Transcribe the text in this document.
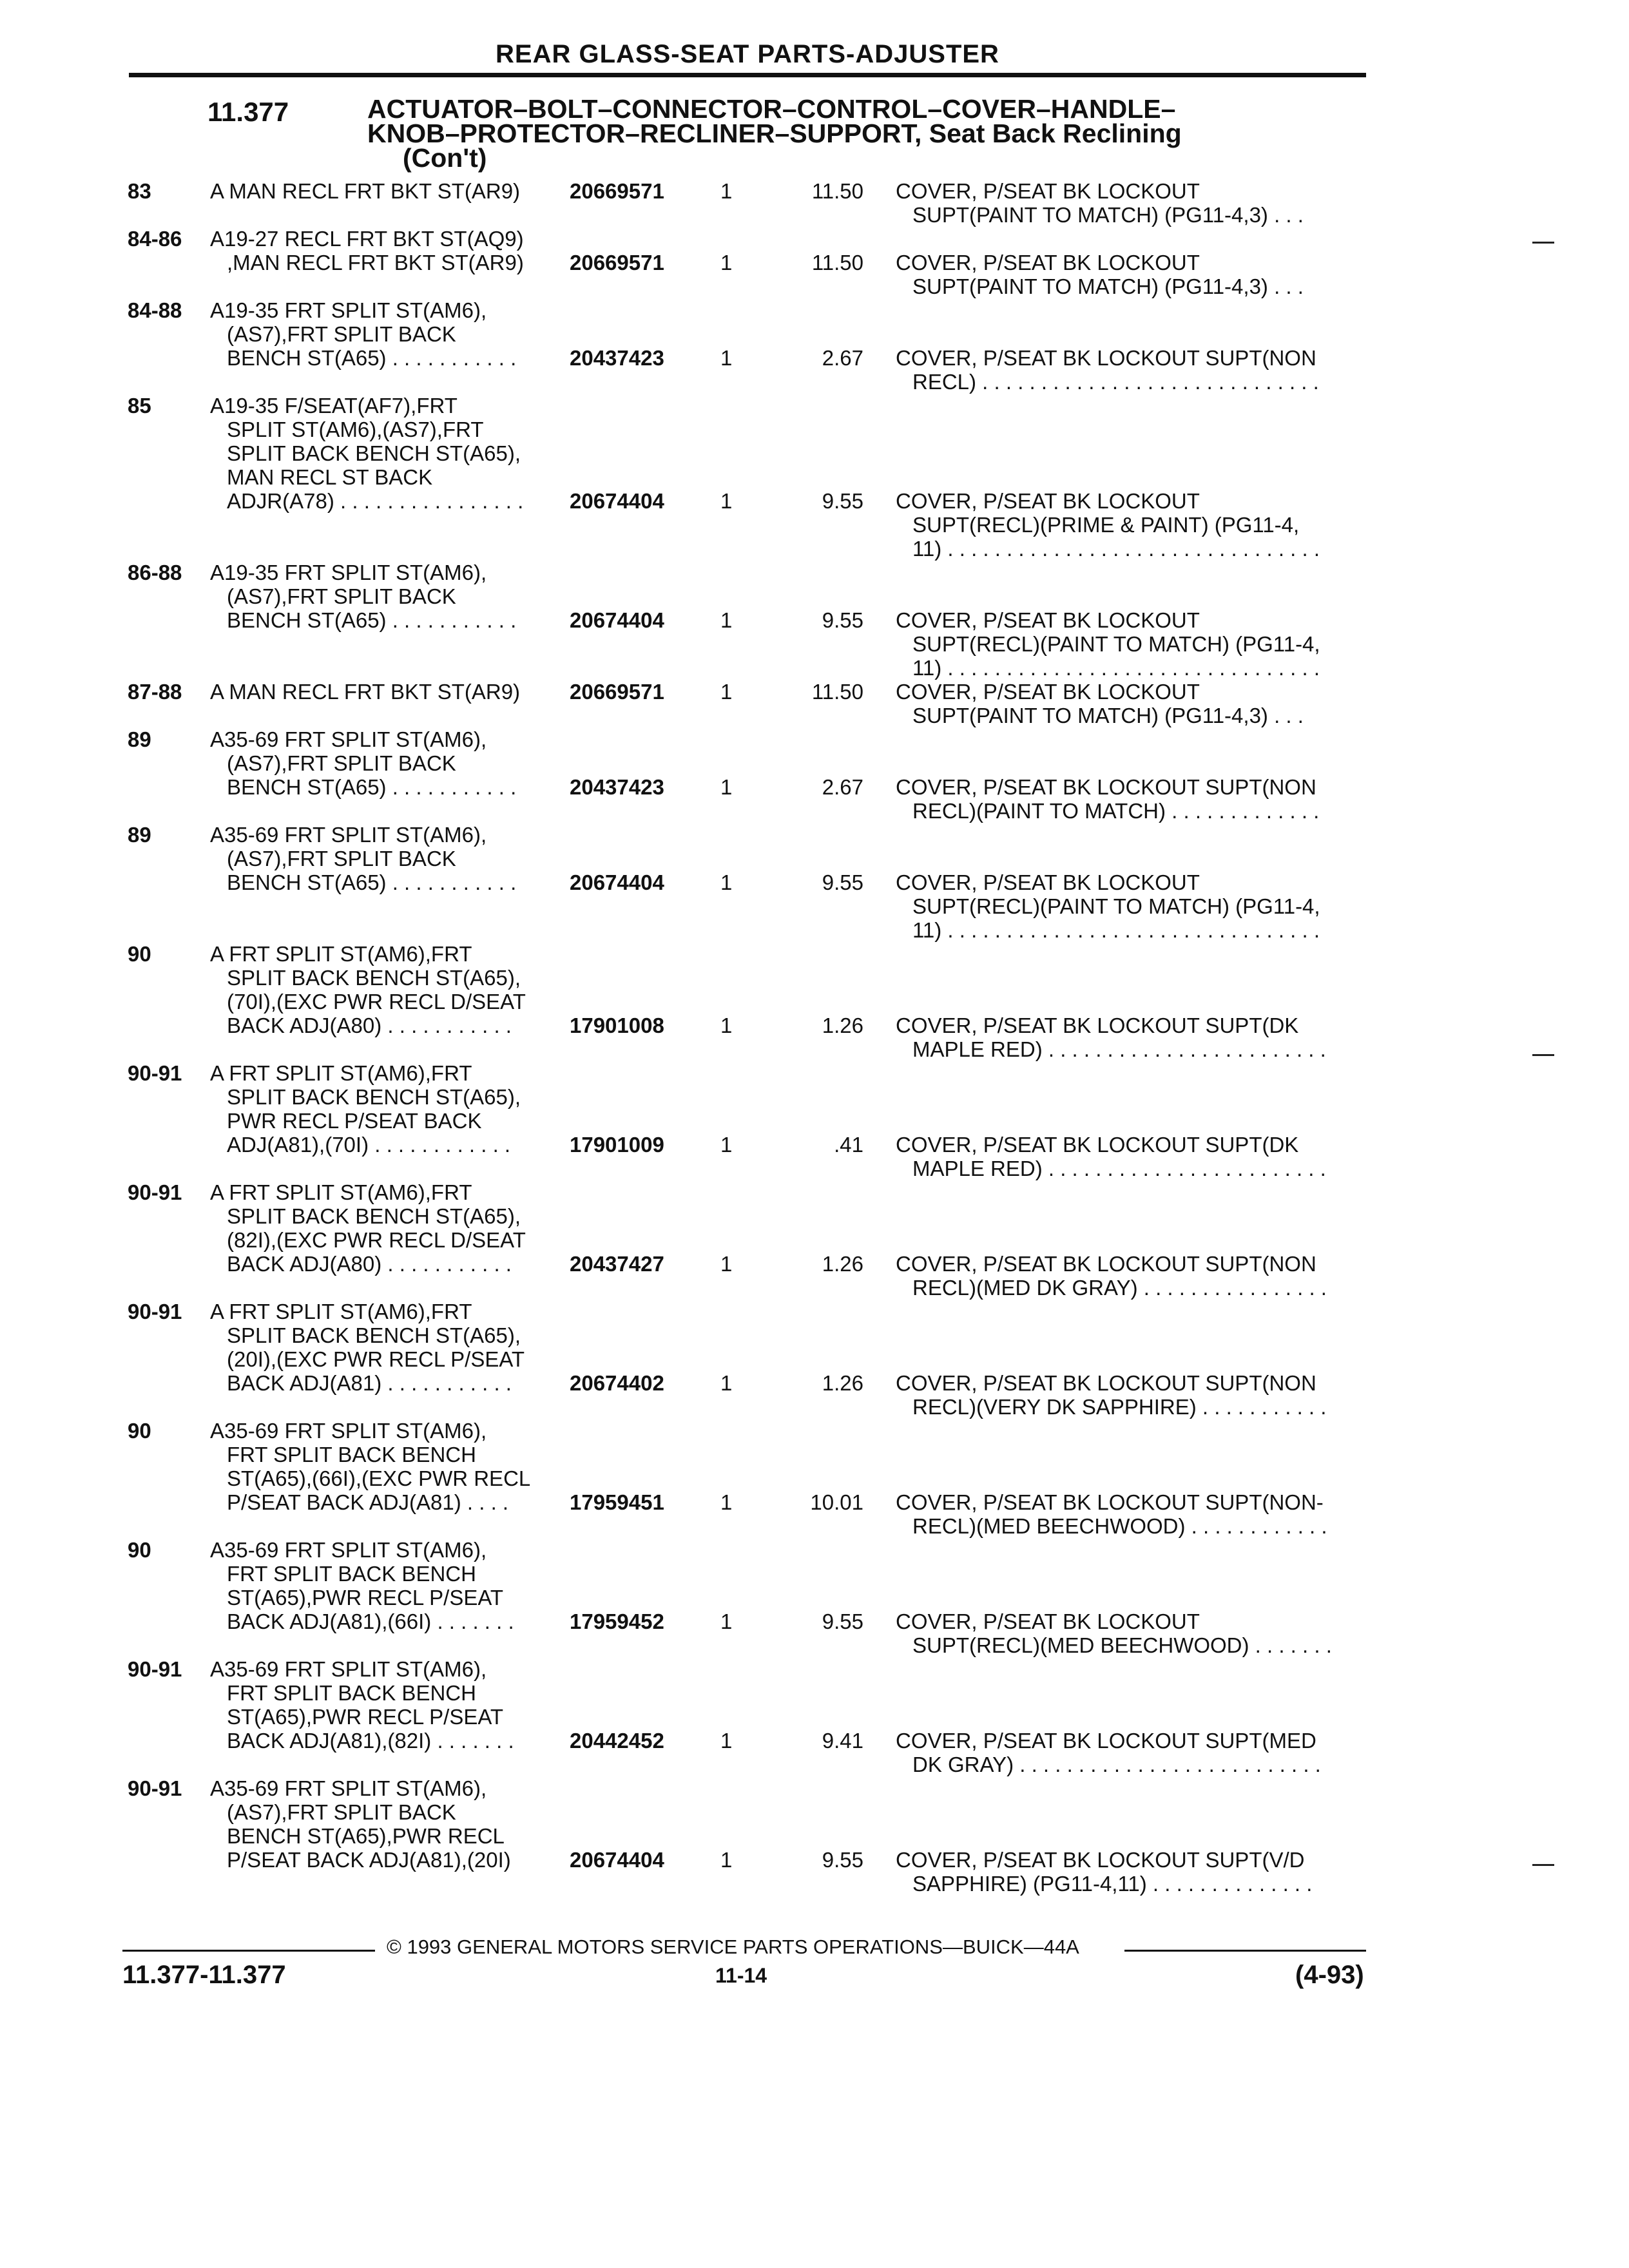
REAR GLASS-SEAT PARTS-ADJUSTER
11.377	ACTUATOR–BOLT–CONNECTOR–CONTROL–COVER–HANDLE–
KNOB–PROTECTOR–RECLINER–SUPPORT, Seat Back Reclining
(Con't)
83	A MAN RECL FRT BKT ST(AR9)	20669571	1	11.50 COVER, P/SEAT BK LOCKOUT
SUPT(PAINT TO MATCH) (PG11-4,3) . . .
84-86 A19-27 RECL FRT BKT ST(AQ9)
,MAN RECL FRT BKT ST(AR9)	20669571	1	11.50 COVER, P/SEAT BK LOCKOUT
SUPT(PAINT TO MATCH) (PG11-4,3) . . .
84-88 A19-35 FRT SPLIT ST(AM6),
(AS7),FRT SPLIT BACK
BENCH ST(A65) . . . . . . . . . . .	20437423	1	2.67 COVER, P/SEAT BK LOCKOUT SUPT(NON
RECL) . . . . . . . . . . . . . . . . . . . . . . . . . . . . .
85	A19-35 F/SEAT(AF7),FRT
SPLIT ST(AM6),(AS7),FRT
SPLIT BACK BENCH ST(A65),
MAN RECL ST BACK
ADJR(A78) . . . . . . . . . . . . . . . .	20674404	1	9.55 COVER, P/SEAT BK LOCKOUT
SUPT(RECL)(PRIME & PAINT) (PG11-4,
11) . . . . . . . . . . . . . . . . . . . . . . . . . . . . . . . .
86-88 A19-35 FRT SPLIT ST(AM6),
(AS7),FRT SPLIT BACK
BENCH ST(A65) . . . . . . . . . . .	20674404	1	9.55 COVER, P/SEAT BK LOCKOUT
SUPT(RECL)(PAINT TO MATCH) (PG11-4,
11) . . . . . . . . . . . . . . . . . . . . . . . . . . . . . . . .
87-88 A MAN RECL FRT BKT ST(AR9)	20669571	1	11.50 COVER, P/SEAT BK LOCKOUT
SUPT(PAINT TO MATCH) (PG11-4,3) . . .
89	A35-69 FRT SPLIT ST(AM6),
(AS7),FRT SPLIT BACK
BENCH ST(A65) . . . . . . . . . . .	20437423	1	2.67 COVER, P/SEAT BK LOCKOUT SUPT(NON
RECL)(PAINT TO MATCH) . . . . . . . . . . . . .
89	A35-69 FRT SPLIT ST(AM6),
(AS7),FRT SPLIT BACK
BENCH ST(A65) . . . . . . . . . . .	20674404	1	9.55 COVER, P/SEAT BK LOCKOUT
SUPT(RECL)(PAINT TO MATCH) (PG11-4,
11) . . . . . . . . . . . . . . . . . . . . . . . . . . . . . . . .
90	A FRT SPLIT ST(AM6),FRT
SPLIT BACK BENCH ST(A65),
(70I),(EXC PWR RECL D/SEAT
BACK ADJ(A80) . . . . . . . . . . .	17901008	1	1.26 COVER, P/SEAT BK LOCKOUT SUPT(DK
MAPLE RED) . . . . . . . . . . . . . . . . . . . . . . . .
90-91 A FRT SPLIT ST(AM6),FRT
SPLIT BACK BENCH ST(A65),
PWR RECL P/SEAT BACK
ADJ(A81),(70I) . . . . . . . . . . . .	17901009	1	.41 COVER, P/SEAT BK LOCKOUT SUPT(DK
MAPLE RED) . . . . . . . . . . . . . . . . . . . . . . . .
90-91 A FRT SPLIT ST(AM6),FRT
SPLIT BACK BENCH ST(A65),
(82I),(EXC PWR RECL D/SEAT
BACK ADJ(A80) . . . . . . . . . . .	20437427	1	1.26 COVER, P/SEAT BK LOCKOUT SUPT(NON
RECL)(MED DK GRAY) . . . . . . . . . . . . . . . .
90-91 A FRT SPLIT ST(AM6),FRT
SPLIT BACK BENCH ST(A65),
(20I),(EXC PWR RECL P/SEAT
BACK ADJ(A81) . . . . . . . . . . .	20674402	1	1.26 COVER, P/SEAT BK LOCKOUT SUPT(NON
RECL)(VERY DK SAPPHIRE) . . . . . . . . . . .
90	A35-69 FRT SPLIT ST(AM6),
FRT SPLIT BACK BENCH
ST(A65),(66I),(EXC PWR RECL
P/SEAT BACK ADJ(A81) . . . .	17959451	1	10.01 COVER, P/SEAT BK LOCKOUT SUPT(NON-
RECL)(MED BEECHWOOD) . . . . . . . . . . . .
90	A35-69 FRT SPLIT ST(AM6),
FRT SPLIT BACK BENCH
ST(A65),PWR RECL P/SEAT
BACK ADJ(A81),(66I) . . . . . . .	17959452	1	9.55 COVER, P/SEAT BK LOCKOUT
SUPT(RECL)(MED BEECHWOOD) . . . . . . .
90-91 A35-69 FRT SPLIT ST(AM6),
FRT SPLIT BACK BENCH
ST(A65),PWR RECL P/SEAT
BACK ADJ(A81),(82I) . . . . . . .	20442452	1	9.41 COVER, P/SEAT BK LOCKOUT SUPT(MED
DK GRAY) . . . . . . . . . . . . . . . . . . . . . . . . . .
90-91 A35-69 FRT SPLIT ST(AM6),
(AS7),FRT SPLIT BACK
BENCH ST(A65),PWR RECL
P/SEAT BACK ADJ(A81),(20I)	20674404	1	9.55 COVER, P/SEAT BK LOCKOUT SUPT(V/D
SAPPHIRE) (PG11-4,11) . . . . . . . . . . . . . .
© 1993 GENERAL MOTORS SERVICE PARTS OPERATIONS—BUICK—44A
11.377-11.377	11-14	(4-93)
